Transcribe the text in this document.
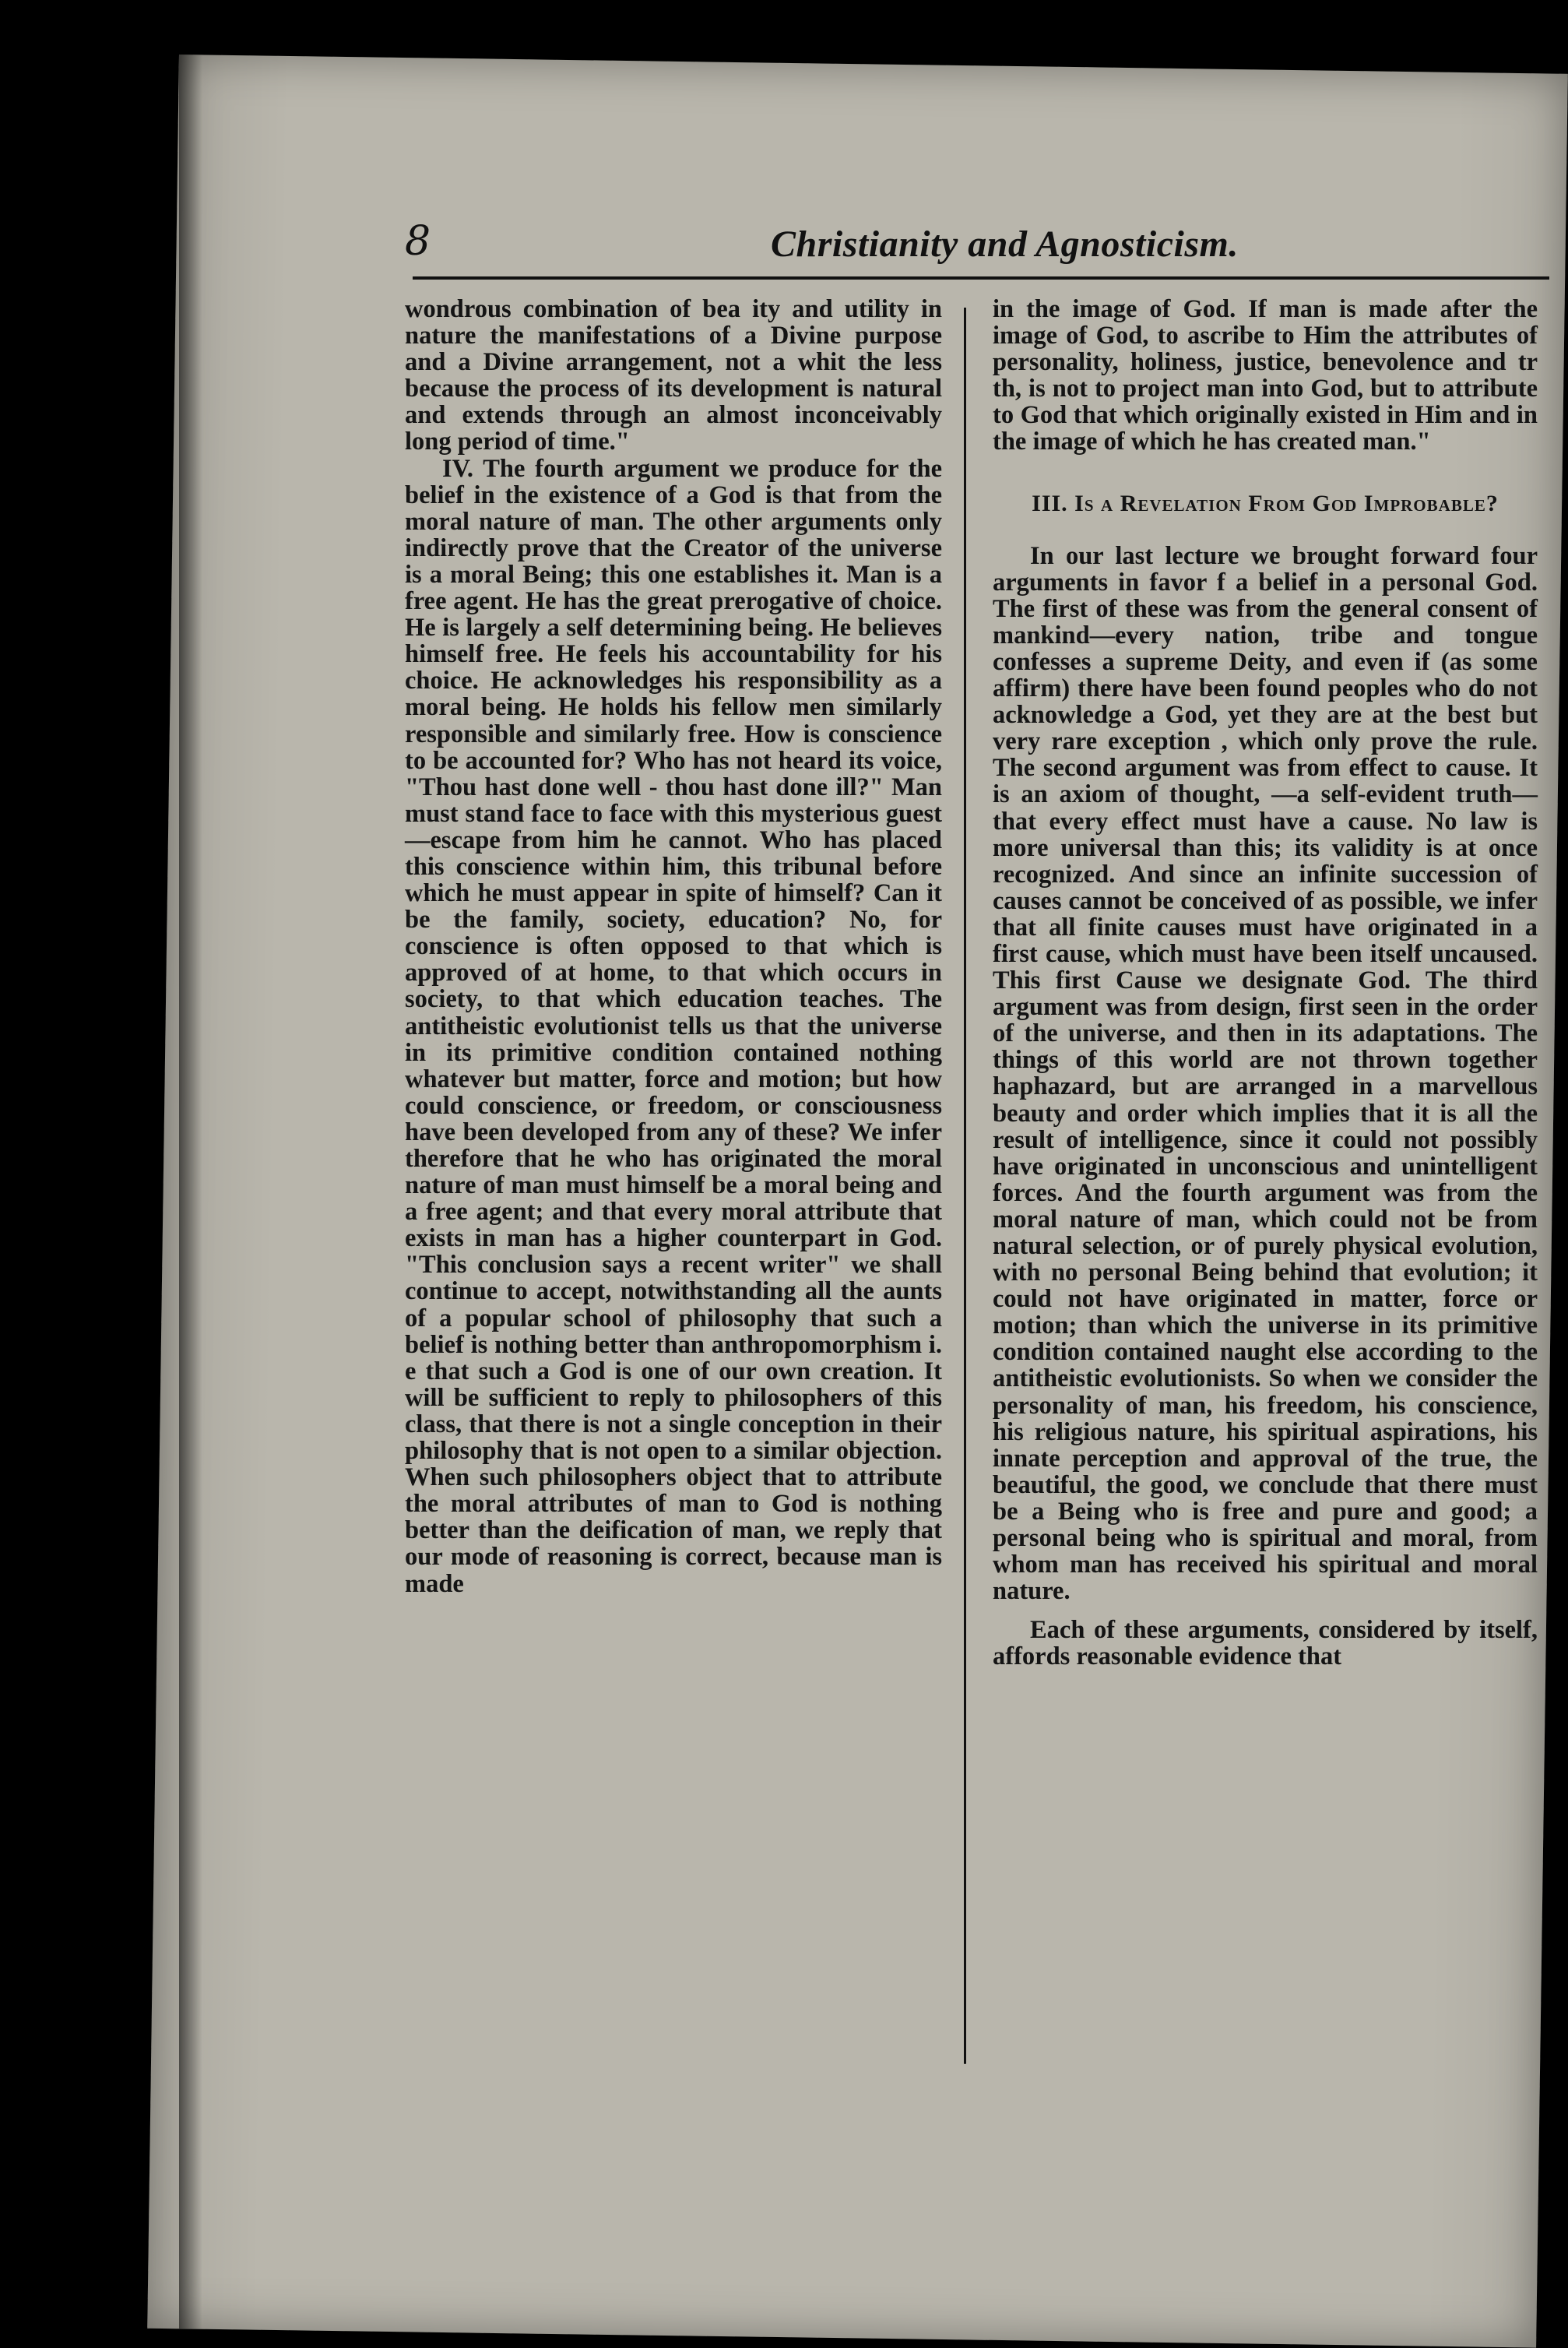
8	Christianity and Agnosticism.

wondrous combination of bea ity and utility in nature the manifestations of a Divine purpose and a Divine arrangement, not a whit the less because the process of its development is natural and extends through an almost inconceivably long period of time."

IV. The fourth argument we produce for the belief in the existence of a God is that from the moral nature of man. The other arguments only indirectly prove that the Creator of the universe is a moral Being; this one establishes it. Man is a free agent. He has the great prerogative of choice. He is largely a self determining being. He believes himself free. He feels his accountability for his choice. He acknowledges his responsibility as a moral being. He holds his fellow men similarly responsible and similarly free. How is conscience to be accounted for? Who has not heard its voice, "Thou hast done well - thou hast done ill?" Man must stand face to face with this mysterious guest—escape from him he cannot. Who has placed this conscience within him, this tribunal before which he must appear in spite of himself? Can it be the family, society, education? No, for conscience is often opposed to that which is approved of at home, to that which occurs in society, to that which education teaches. The antitheistic evolutionist tells us that the universe in its primitive condition contained nothing whatever but matter, force and motion; but how could conscience, or freedom, or consciousness have been developed from any of these? We infer therefore that he who has originated the moral nature of man must himself be a moral being and a free agent; and that every moral attribute that exists in man has a higher counterpart in God. "This conclusion says a recent writer" we shall continue to accept, notwithstanding all the aunts of a popular school of philosophy that such a belief is nothing better than anthropomorphism i. e that such a God is one of our own creation. It will be sufficient to reply to philosophers of this class, that there is not a single conception in their philosophy that is not open to a similar objection. When such philosophers object that to attribute the moral attributes of man to God is nothing better than the deification of man, we reply that our mode of reasoning is correct, because man is made

in the image of God. If man is made after the image of God, to ascribe to Him the attributes of personality, holiness, justice, benevolence and tr th, is not to project man into God, but to attribute to God that which originally existed in Him and in the image of which he has created man."

III. Is a Revelation From God Improbable?

In our last lecture we brought forward four arguments in favor f a belief in a personal God. The first of these was from the general consent of mankind—every nation, tribe and tongue confesses a supreme Deity, and even if (as some affirm) there have been found peoples who do not acknowledge a God, yet they are at the best but very rare exception , which only prove the rule. The second argument was from effect to cause. It is an axiom of thought, —a self-evident truth—that every effect must have a cause. No law is more universal than this; its validity is at once recognized. And since an infinite succession of causes cannot be conceived of as possible, we infer that all finite causes must have originated in a first cause, which must have been itself uncaused. This first Cause we designate God. The third argument was from design, first seen in the order of the universe, and then in its adaptations. The things of this world are not thrown together haphazard, but are arranged in a marvellous beauty and order which implies that it is all the result of intelligence, since it could not possibly have originated in unconscious and unintelligent forces. And the fourth argument was from the moral nature of man, which could not be from natural selection, or of purely physical evolution, with no personal Being behind that evolution; it could not have originated in matter, force or motion; than which the universe in its primitive condition contained naught else according to the antitheistic evolutionists. So when we consider the personality of man, his freedom, his conscience, his religious nature, his spiritual aspirations, his innate perception and approval of the true, the beautiful, the good, we conclude that there must be a Being who is free and pure and good; a personal being who is spiritual and moral, from whom man has received his spiritual and moral nature.

Each of these arguments, considered by itself, affords reasonable evidence that
